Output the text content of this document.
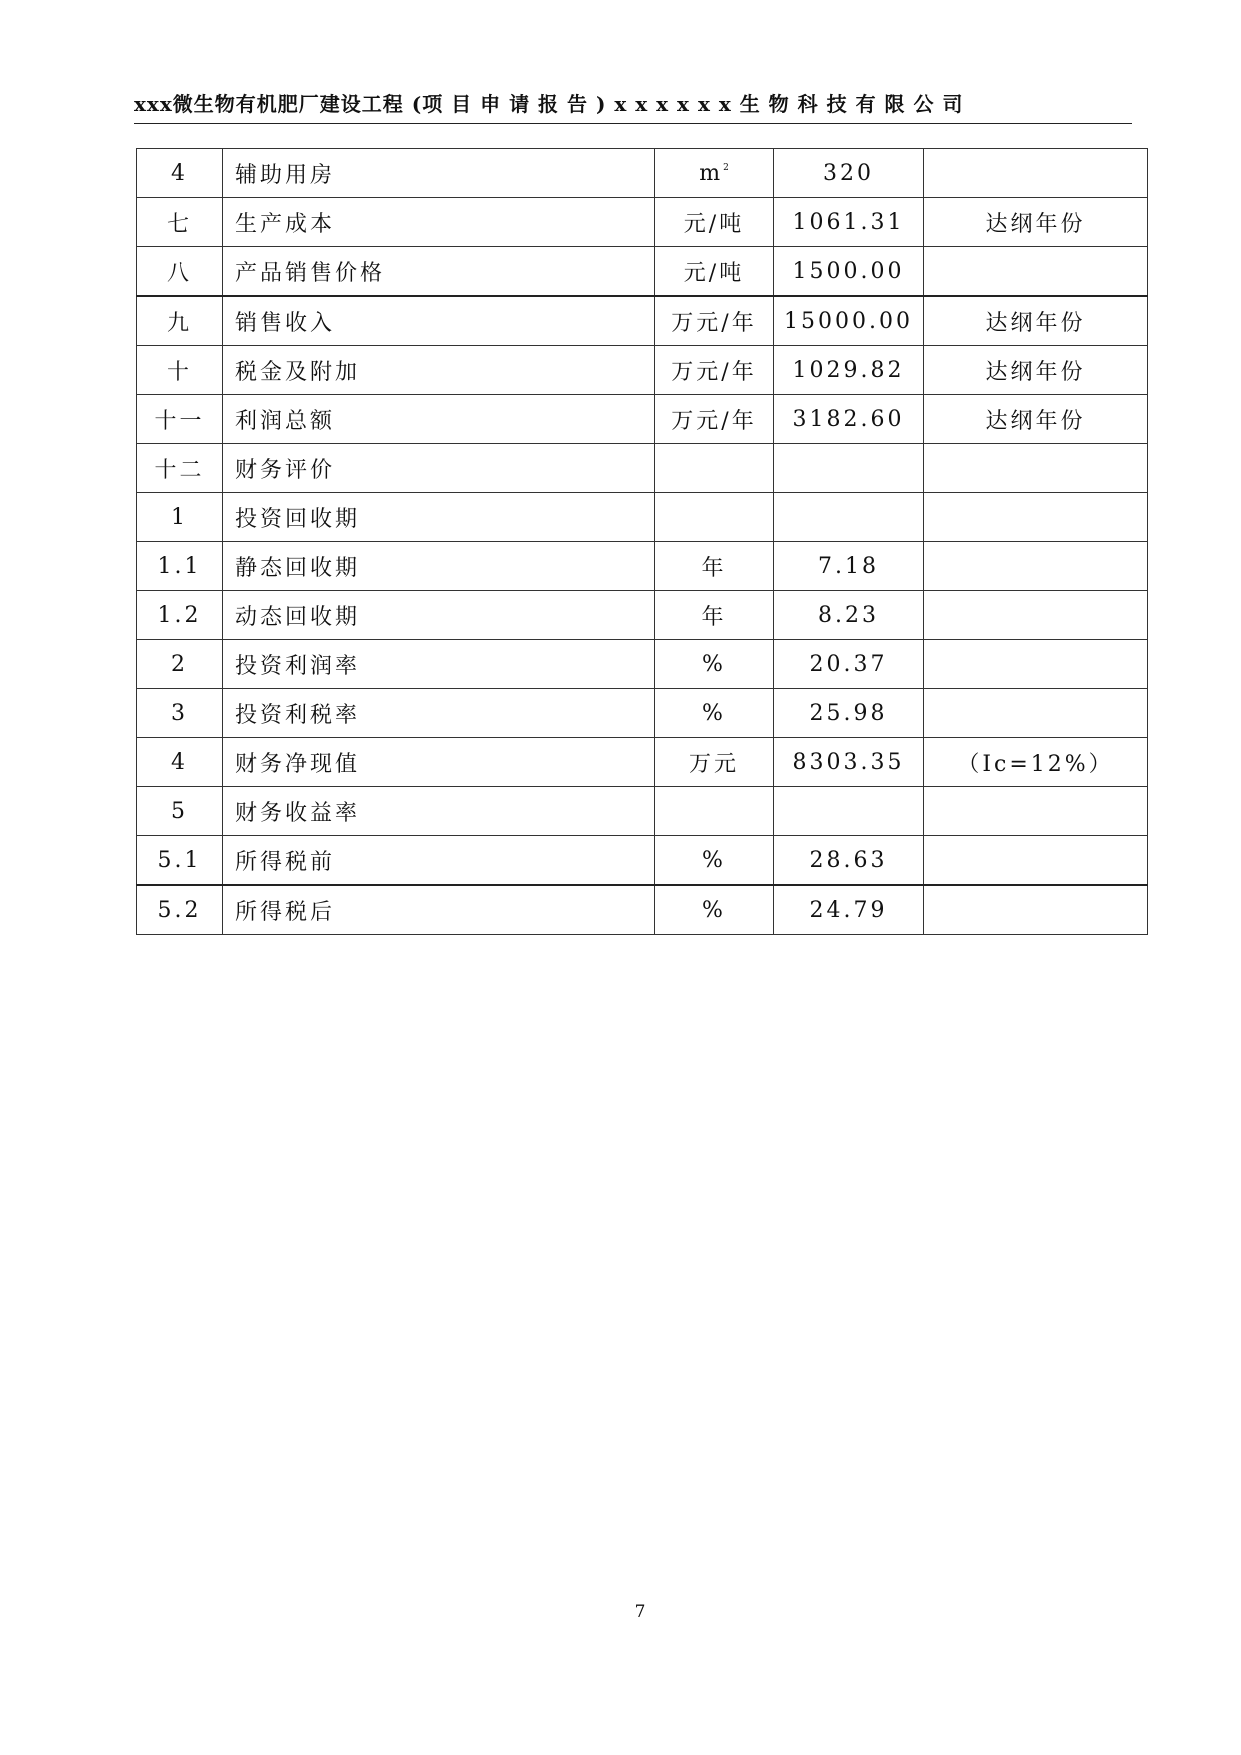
xxx微生物有机肥厂建设工程 (项 目 申 请 报 告 ) x x x x x x 生 物 科 技 有 限 公 司
4	辅助用房	$m^2$	320	
七	生产成本	元/吨	1061.31	达纲年份
八	产品销售价格	元/吨	1500.00	
九	销售收入	万元/年	15000.00	达纲年份
十	税金及附加	万元/年	1029.82	达纲年份
十一	利润总额	万元/年	3182.60	达纲年份
十二	财务评价			
1	投资回收期			
1.1	静态回收期	年	7.18	
1.2	动态回收期	年	8.23	
2	投资利润率	%	20.37	
3	投资利税率	%	25.98	
4	财务净现值	万元	8303.35	（Ic=12%）
5	财务收益率			
5.1	所得税前	%	28.63	
5.2	所得税后	%	24.79	
7
